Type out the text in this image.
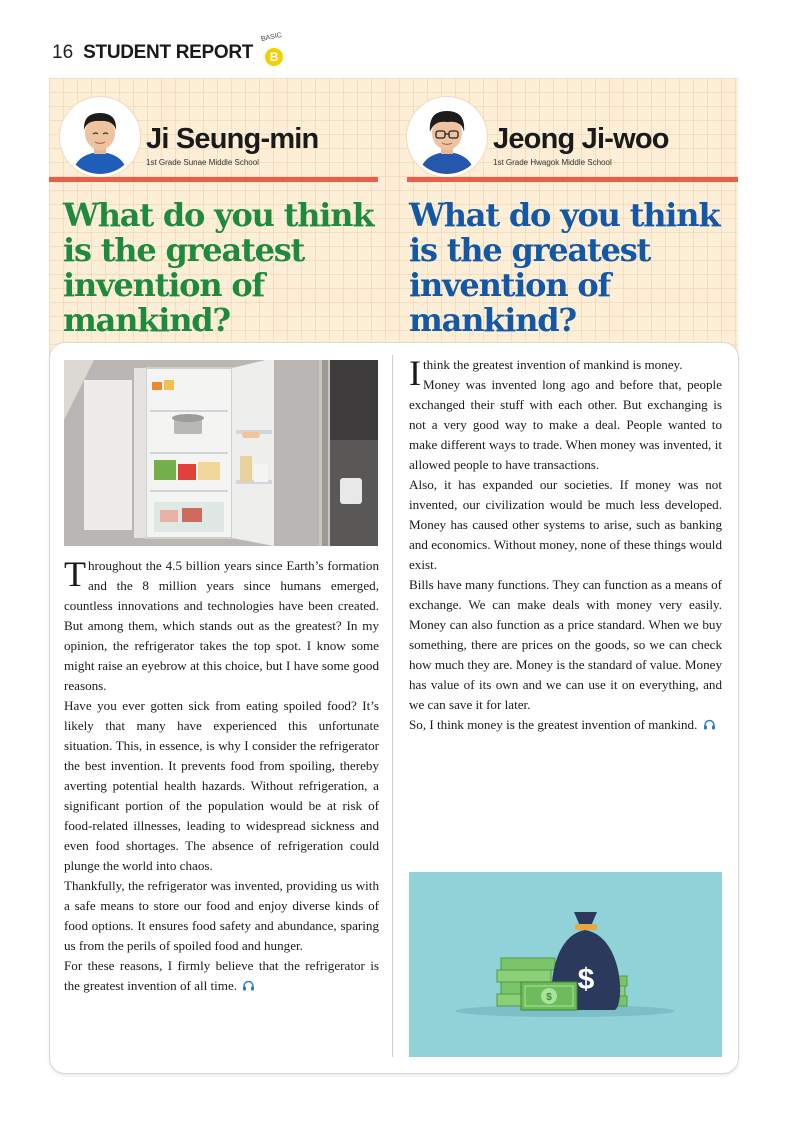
16 STUDENT REPORT
BASIC
B
Ji Seung-min
1st Grade Sunae Middle School
Jeong Ji-woo
1st Grade Hwagok Middle School
What do you think is the greatest invention of mankind?
What do you think is the greatest invention of mankind?

Throughout the 4.5 billion years since Earth’s formation and the 8 million years since humans emerged, countless innovations and technologies have been created. But among them, which stands out as the greatest? In my opinion, the refrigerator takes the top spot. I know some might raise an eyebrow at this choice, but I have some good reasons.

Have you ever gotten sick from eating spoiled food? It’s likely that many have experienced this unfortunate situation. This, in essence, is why I consider the refrigerator the best invention. It prevents food from spoiling, thereby averting potential health hazards. Without refrigeration, a significant portion of the population would be at risk of food-related illnesses, leading to widespread sickness and even food shortages. The absence of refrigeration could plunge the world into chaos.

Thankfully, the refrigerator was invented, providing us with a safe means to store our food and enjoy diverse kinds of food options. It ensures food safety and abundance, sparing us from the perils of spoiled food and hunger.

For these reasons, I firmly believe that the refrigerator is the greatest invention of all time.

I think the greatest invention of mankind is money.

Money was invented long ago and before that, people exchanged their stuff with each other. But exchanging is not a very good way to make a deal. People wanted to make different ways to trade. When money was invented, it allowed people to have transactions.

Also, it has expanded our societies. If money was not invented, our civilization would be much less developed. Money has caused other systems to arise, such as banking and economics. Without money, none of these things would exist.

Bills have many functions. They can function as a means of exchange. We can make deals with money very easily. Money can also function as a price standard. When we buy something, there are prices on the goods, so we can check how much they are. Money is the standard of value. Money has value of its own and we can use it on everything, and we can save it for later.

So, I think money is the greatest invention of mankind.

$
$
